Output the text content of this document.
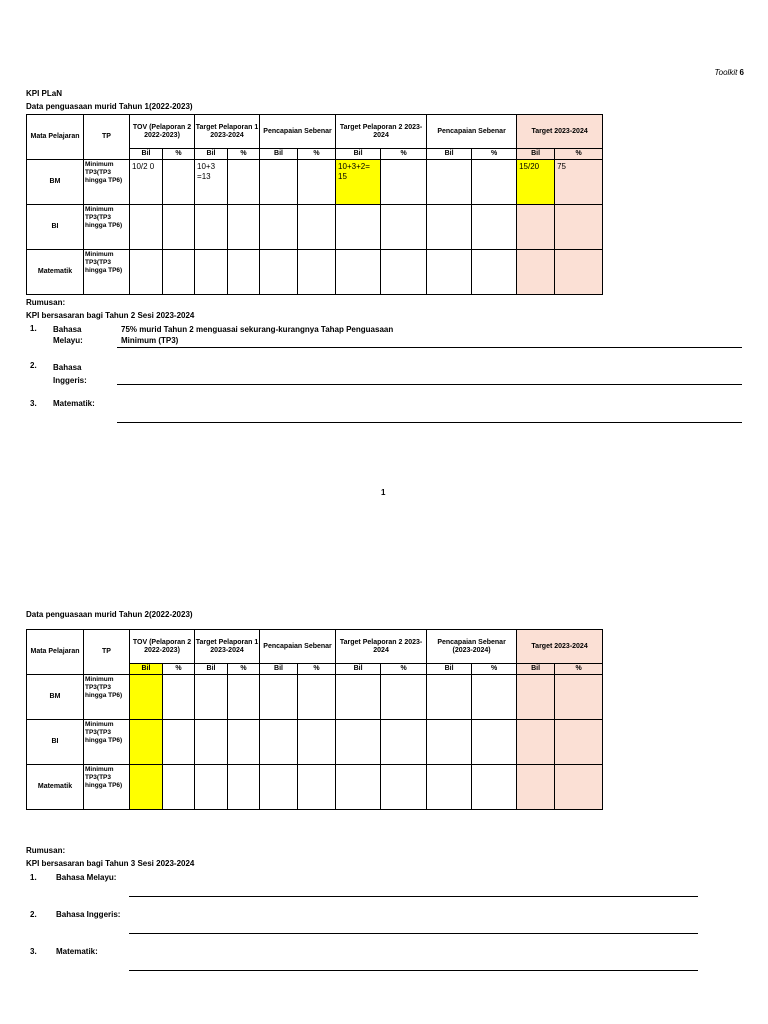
Toolkit 6
KPI PLaN
Data penguasaan murid Tahun 1(2022-2023)
Mata Pelajaran	TP	TOV (Pelaporan 2 2022-2023)		Target Pelaporan 1 2023-2024		Pencapaian Sebenar		Target Pelaporan 2 2023-2024		Pencapaian Sebenar		Target 2023-2024	
		Bil	%	Bil	%	Bil	%	Bil	%	Bil	%	Bil	%
BM	Minimum TP3(TP3 hingga TP6)	10/2 0		10+3 =13				10+3+2= 15				15/20	75
BI	Minimum TP3(TP3 hingga TP6)												
Matematik	Minimum TP3(TP3 hingga TP6)												
Rumusan:
KPI bersasaran bagi Tahun 2 Sesi 2023-2024
1. Bahasa Melayu:
75% murid Tahun 2 menguasai sekurang-kurangnya Tahap Penguasaan Minimum (TP3)
2. Bahasa Inggeris:
3. Matematik:
1
Data penguasaan murid Tahun 2(2022-2023)
Mata Pelajaran	TP	TOV (Pelaporan 2 2022-2023)		Target Pelaporan 1 2023-2024		Pencapaian Sebenar		Target Pelaporan 2 2023-2024		Pencapaian Sebenar (2023-2024)		Target 2023-2024	
		Bil	%	Bil	%	Bil	%	Bil	%	Bil	%	Bil	%
BM	Minimum TP3(TP3 hingga TP6)												
BI	Minimum TP3(TP3 hingga TP6)												
Matematik	Minimum TP3(TP3 hingga TP6)												
Rumusan:
KPI bersasaran bagi Tahun 3 Sesi 2023-2024
1. Bahasa Melayu:
2. Bahasa Inggeris:
3. Matematik:
